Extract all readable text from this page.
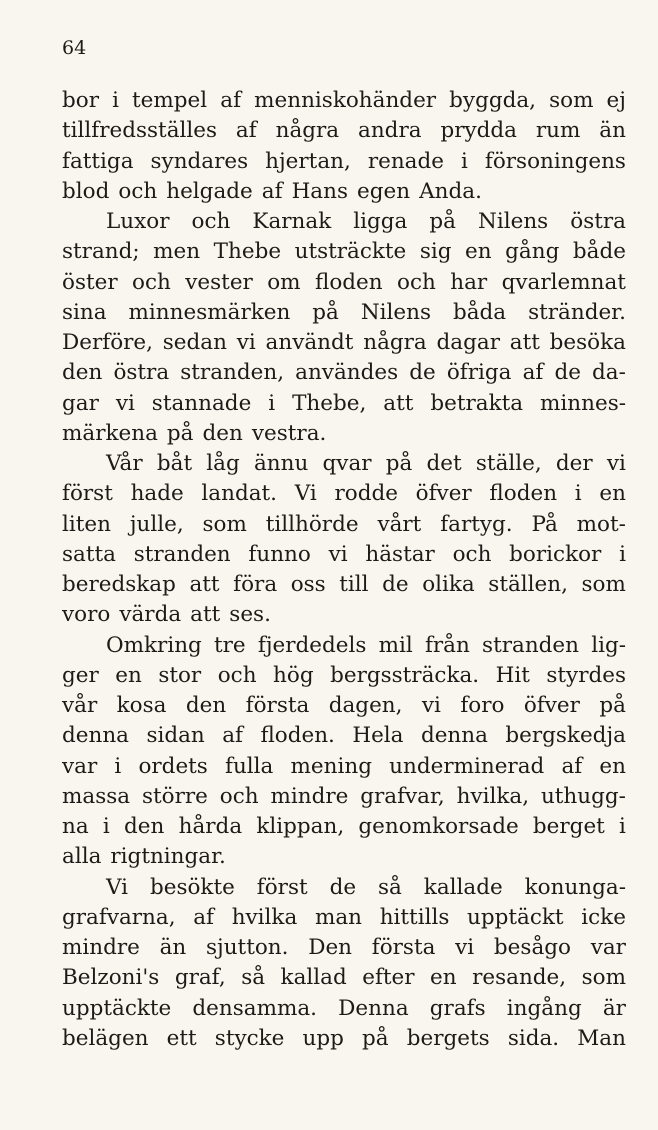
64
bor i tempel af menniskohänder byggda, som ej
tillfredsställes af några andra prydda rum än
fattiga syndares hjertan, renade i försoningens
blod och helgade af Hans egen Anda.
Luxor och Karnak ligga på Nilens östra
strand; men Thebe utsträckte sig en gång både
öster och vester om floden och har qvarlemnat
sina minnesmärken på Nilens båda stränder.
Derföre, sedan vi användt några dagar att besöka
den östra stranden, användes de öfriga af de da-
gar vi stannade i Thebe, att betrakta minnes-
märkena på den vestra.
Vår båt låg ännu qvar på det ställe, der vi
först hade landat. Vi rodde öfver floden i en
liten julle, som tillhörde vårt fartyg. På mot-
satta stranden funno vi hästar och borickor i
beredskap att föra oss till de olika ställen, som
voro värda att ses.
Omkring tre fjerdedels mil från stranden lig-
ger en stor och hög bergssträcka. Hit styrdes
vår kosa den första dagen, vi foro öfver på
denna sidan af floden. Hela denna bergskedja
var i ordets fulla mening underminerad af en
massa större och mindre grafvar, hvilka, uthugg-
na i den hårda klippan, genomkorsade berget i
alla rigtningar.
Vi besökte först de så kallade konunga-
grafvarna, af hvilka man hittills upptäckt icke
mindre än sjutton. Den första vi besågo var
Belzoni's graf, så kallad efter en resande, som
upptäckte densamma. Denna grafs ingång är
belägen ett stycke upp på bergets sida. Man
